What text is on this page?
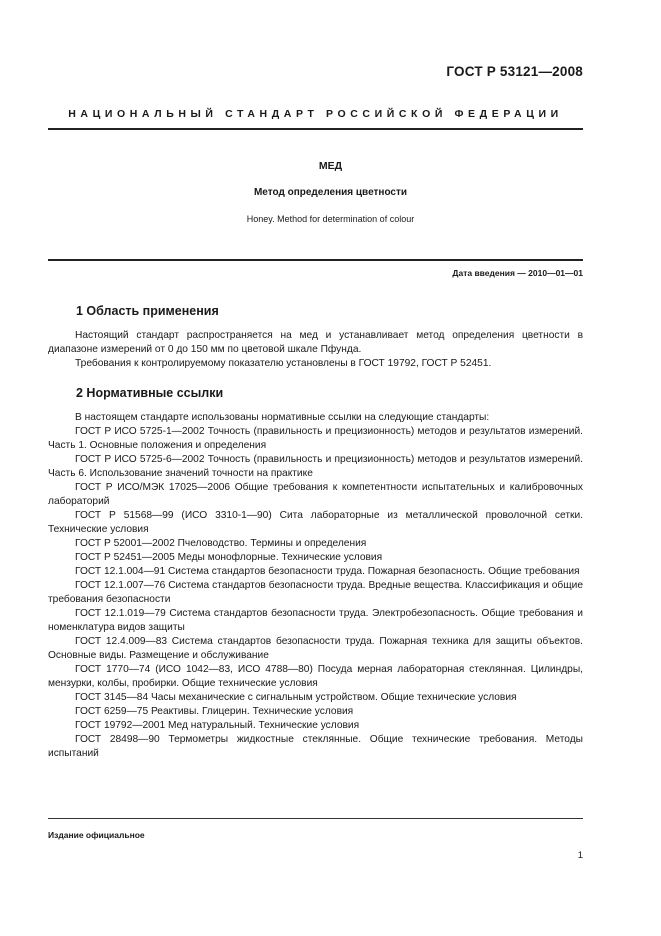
ГОСТ Р 53121—2008
НАЦИОНАЛЬНЫЙ СТАНДАРТ РОССИЙСКОЙ ФЕДЕРАЦИИ
МЕД
Метод определения цветности
Honey. Method for determination of colour
Дата введения — 2010—01—01
1 Область применения

Настоящий стандарт распространяется на мед и устанавливает метод определения цветности в диапазоне измерений от 0 до 150 мм по цветовой шкале Пфунда.

Требования к контролируемому показателю установлены в ГОСТ 19792, ГОСТ Р 52451.

2 Нормативные ссылки

В настоящем стандарте использованы нормативные ссылки на следующие стандарты:

ГОСТ Р ИСО 5725-1—2002 Точность (правильность и прецизионность) методов и результатов измерений. Часть 1. Основные положения и определения

ГОСТ Р ИСО 5725-6—2002 Точность (правильность и прецизионность) методов и результатов измерений. Часть 6. Использование значений точности на практике

ГОСТ Р ИСО/МЭК 17025—2006 Общие требования к компетентности испытательных и калибровочных лабораторий

ГОСТ Р 51568—99 (ИСО 3310-1—90) Сита лабораторные из металлической проволочной сетки. Технические условия

ГОСТ Р 52001—2002 Пчеловодство. Термины и определения

ГОСТ Р 52451—2005 Меды монофлорные. Технические условия

ГОСТ 12.1.004—91 Система стандартов безопасности труда. Пожарная безопасность. Общие требования

ГОСТ 12.1.007—76 Система стандартов безопасности труда. Вредные вещества. Классификация и общие требования безопасности

ГОСТ 12.1.019—79 Система стандартов безопасности труда. Электробезопасность. Общие требования и номенклатура видов защиты

ГОСТ 12.4.009—83 Система стандартов безопасности труда. Пожарная техника для защиты объектов. Основные виды. Размещение и обслуживание

ГОСТ 1770—74 (ИСО 1042—83, ИСО 4788—80) Посуда мерная лабораторная стеклянная. Цилиндры, мензурки, колбы, пробирки. Общие технические условия

ГОСТ 3145—84 Часы механические с сигнальным устройством. Общие технические условия

ГОСТ 6259—75 Реактивы. Глицерин. Технические условия

ГОСТ 19792—2001 Мед натуральный. Технические условия

ГОСТ 28498—90 Термометры жидкостные стеклянные. Общие технические требования. Методы испытаний

Издание официальное
1
